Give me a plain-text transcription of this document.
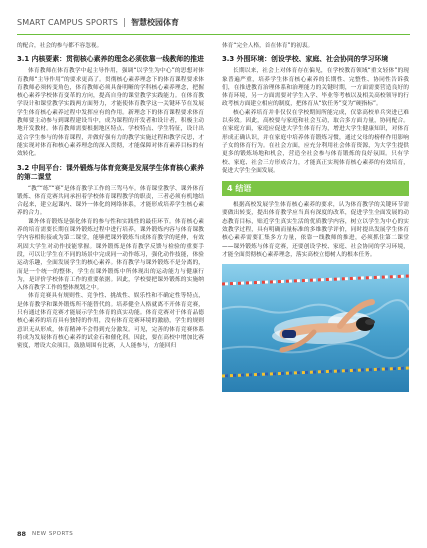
SMART CAMPUS SPORTS 智慧校园体育

的配合，社会的参与都不容忽视。

3.1 内核要素：贯彻核心素养的理念必须依靠一线教师的推进

体育教师在体育教学中起主导作用，强调“以学生为中心”的思想对体育教师“主导作用”的要求更高了。贯彻核心素养理念下的体育课程要求体育教师必须转变角色，体育教师必须具备明晰的学科核心素养理念，把握核心素养学校体育变革的方向，提高自身的课堂教学实践能力。在体育教学设计和课堂教学实践两方面努力，才能使体育教学这一关键环节在发展学生体育核心素养过程中发挥应有的作用。新理念下的体育课程要求体育教师要主动参与到课程建设当中，成为课程的开发者和设计者，积极主动地开发教材。体育教师需要根据地区特点、学校特点、学生特征，设计出适合学生参与的体育课程，并做好强有力的教学实施过程和教学反思，才能实现对体育和核心素养理念的深入贯彻，才能保障对体育素养目标的有效转化。

3.2 中间平台：课外锻炼与体育竞赛是发展学生体育核心素养的第二课堂

“教”“练”“赛”是体育教学工作的三驾马车。体育课堂教学、课外体育锻炼、体育竞赛共同承担着学校体育课程教学的职责，三者必须有机地结合起来，建立起课内、课外一体化的网络体系，才能形成培养学生核心素养的合力。

课外体育锻炼是强化体育的参与性和实践性的最佳环节。体育核心素养的培育需要长期在课外锻炼过程中进行培养，课外锻炼内容与体育课教学内容相衔接或为第二课堂，能够把课外锻炼当成体育教学的延伸，有效巩固大学生对动作技能掌握。课外锻炼是体育教学反馈与检验的重要手段，可以让学生在不同的场景中完成同一动作练习，强化动作技能，体验运动乐趣，全面发展学生的核心素养。体育教学与课外锻炼不是分离的，而是一个统一的整体，学生在课外锻炼中所体现出的运动能力与健康行为，是评价学校体育工作的重要依据。因此，学校要把课外锻炼的实施纳入体育教学工作的整体规划之中。

体育竞赛具有规则性、竞争性、挑战性、娱乐性和不确定性等特点，是体育教学和课外锻炼所不能替代的。培养健全人格就离不开体育竞赛，只有通过体育竞赛才能展示学生体育的真实功能。体育竞赛对于体育品德核心素养的培育具有独特的作用，没有体育竞赛环境的激励，学生的规则意识无从形成，体育精神不会得到充分激发。可见，完善的体育竞赛体系将成为发展体育核心素养的试金石和催化剂。因此，要在高校中增加比赛密度，增设大众项目，鼓励周围有比赛，人人能参与，方能回归

体育“完全人格，首在体育”的初衷。

3.3 外围环境：创设学校、家庭、社会协同的学习环境

长期以来，社会上对体育存在偏见，在学校教育领域“重文轻体”的现象普遍严重，培养学生体育核心素养的长期性、完整性、协同性告诉我们，在推进教育治理体系和治理能力的关键时期，一方面需要营造良好的体育环境，另一方面需要对学生入学、毕业等考核以及相关高校领导的行政考核方面建立相应的制度，把体育从“软任务”变为“硬指标”。

核心素养培育并非仅仅在学校期间所能完成，仅靠高校单兵突进已难以奏效。因此，高校要与家庭和社会互动，取合多方面力量，协同配合。在家庭方面，家庭应促进大学生体育行为，增进大学生健康知识，对体育形成正确认识，并在家庭中培养体育锻炼习惯，通过父母的榜样作用影响子女的体育行为。在社会方面，应充分利用社会体育资源，为大学生提供更多的锻炼场地和机会，营造全社会参与体育锻炼的良好氛围。只有学校、家庭、社会三方形成合力，才能真正实现体育核心素养的有效培育，促进大学生全面发展。

4 结语

根据高校发展学生体育核心素养的要求，认为体育教学的关键环节需要做出转变，提出体育教学应当真有深度的改革，促进学生全面发展的动态教育目标，贴近学生真实生活的优质教学内容，树立以学生为中心的实效教学过程，具有明确而量标准的多维教学评价，同时提出发展学生体育核心素养需要汇集多方力量，依靠一线教师的推进，必须抓住第二课堂——课外锻炼与体育竞赛，还要创设学校、家庭、社会协同的学习环境，才能全面贯彻核心素养理念，落实高校立德树人的根本任务。

88 NEW SPORTS
